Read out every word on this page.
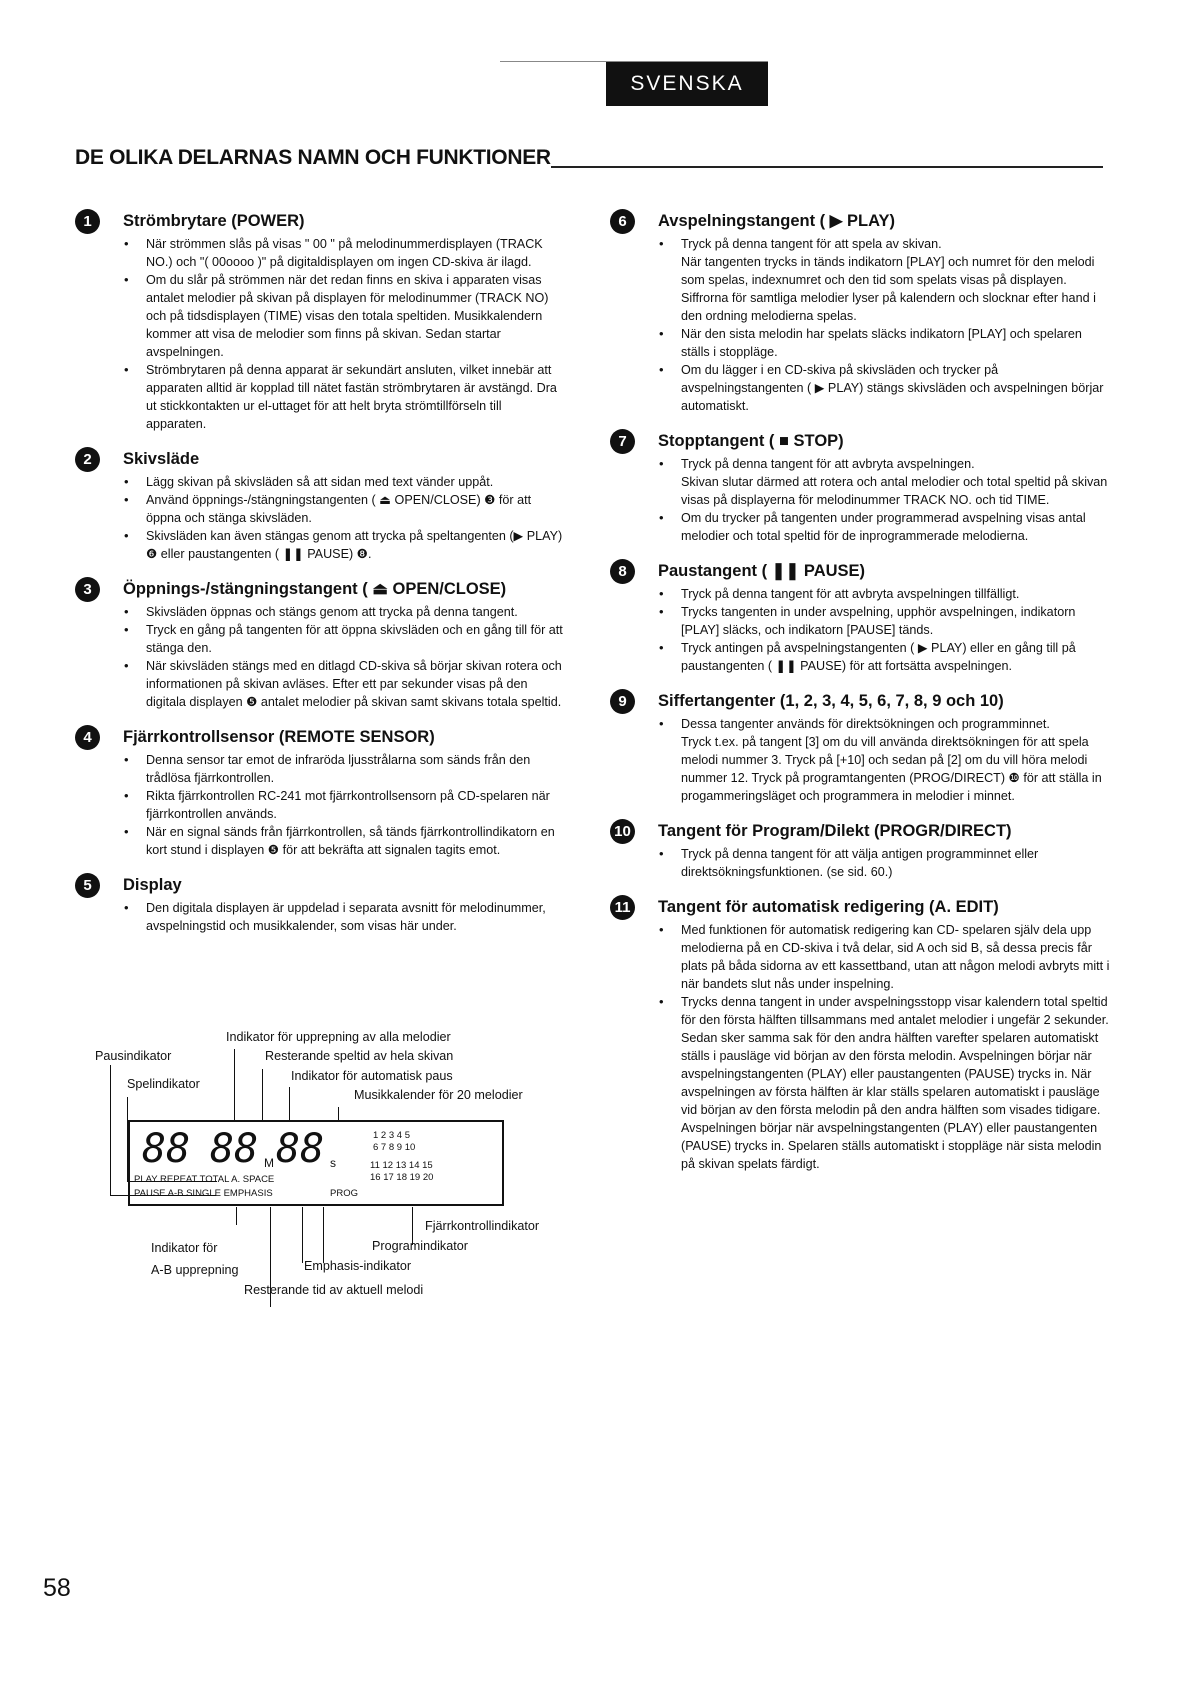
SVENSKA
DE OLIKA DELARNAS NAMN OCH FUNKTIONER
1	Strömbrytare (POWER)
• När strömmen slås på visas " 00 " på melodinummerdisplayen (TRACK NO.) och "( 00oooo )" på digitaldisplayen om ingen CD-skiva är ilagd.
• Om du slår på strömmen när det redan finns en skiva i apparaten visas antalet melodier på skivan på displayen för melodinummer (TRACK NO) och på tidsdisplayen (TIME) visas den totala speltiden. Musikkalendern kommer att visa de melodier som finns på skivan. Sedan startar avspelningen.
• Strömbrytaren på denna apparat är sekundärt ansluten, vilket innebär att apparaten alltid är kopplad till nätet fastän strömbrytaren är avstängd. Dra ut stickkontakten ur el-uttaget för att helt bryta strömtillförseln till apparaten.
2	Skivsläde
• Lägg skivan på skivsläden så att sidan med text vänder uppåt.
• Använd öppnings-/stängningstangenten ( ⏏ OPEN/CLOSE) ❸ för att öppna och stänga skivsläden.
• Skivsläden kan även stängas genom att trycka på speltangenten (▶ PLAY) ❻ eller paustangenten ( ❚❚ PAUSE) ❽.
3	Öppnings-/stängningstangent ( ⏏ OPEN/CLOSE)
• Skivsläden öppnas och stängs genom att trycka på denna tangent.
• Tryck en gång på tangenten för att öppna skivsläden och en gång till för att stänga den.
• När skivsläden stängs med en ditlagd CD-skiva så börjar skivan rotera och informationen på skivan avläses. Efter ett par sekunder visas på den digitala displayen ❺ antalet melodier på skivan samt skivans totala speltid.
4	Fjärrkontrollsensor (REMOTE SENSOR)
• Denna sensor tar emot de infraröda ljusstrålarna som sänds från den trådlösa fjärrkontrollen.
• Rikta fjärrkontrollen RC-241 mot fjärrkontrollsensorn på CD-spelaren när fjärrkontrollen används.
• När en signal sänds från fjärrkontrollen, så tänds fjärrkontrollindikatorn en kort stund i displayen ❺ för att bekräfta att signalen tagits emot.
5	Display
• Den digitala displayen är uppdelad i separata avsnitt för melodinummer, avspelningstid och musikkalender, som visas här under.
6	Avspelningstangent ( ▶ PLAY)
• Tryck på denna tangent för att spela av skivan.
När tangenten trycks in tänds indikatorn [PLAY] och numret för den melodi som spelas, indexnumret och den tid som spelats visas på displayen.
Siffrorna för samtliga melodier lyser på kalendern och slocknar efter hand i den ordning melodierna spelas.
• När den sista melodin har spelats släcks indikatorn [PLAY] och spelaren ställs i stoppläge.
• Om du lägger i en CD-skiva på skivsläden och trycker på avspelningstangenten ( ▶ PLAY) stängs skivsläden och avspelningen börjar automatiskt.
7	Stopptangent ( ■ STOP)
• Tryck på denna tangent för att avbryta avspelningen.
Skivan slutar därmed att rotera och antal melodier och total speltid på skivan visas på displayerna för melodinummer TRACK NO. och tid TIME.
• Om du trycker på tangenten under programmerad avspelning visas antal melodier och total speltid för de inprogrammerade melodierna.
8	Paustangent ( ❚❚ PAUSE)
• Tryck på denna tangent för att avbryta avspelningen tillfälligt.
• Trycks tangenten in under avspelning, upphör avspelningen, indikatorn [PLAY] släcks, och indikatorn [PAUSE] tänds.
• Tryck antingen på avspelningstangenten ( ▶ PLAY) eller en gång till på paustangenten ( ❚❚ PAUSE) för att fortsätta avspelningen.
9	Siffertangenter (1, 2, 3, 4, 5, 6, 7, 8, 9 och 10)
• Dessa tangenter används för direktsökningen och programminnet.
Tryck t.ex. på tangent [3] om du vill använda direktsökningen för att spela melodi nummer 3. Tryck på [+10] och sedan på [2] om du vill höra melodi nummer 12. Tryck på programtangenten (PROG/DIRECT) ❿ för att ställa in progammeringsläget och programmera in melodier i minnet.
10 Tangent för Program/Dilekt (PROGR/DIRECT)
• Tryck på denna tangent för att välja antigen programminnet eller direktsökningsfunktionen. (se sid. 60.)
11 Tangent för automatisk redigering (A. EDIT)
• Med funktionen för automatisk redigering kan CD- spelaren själv dela upp melodierna på en CD-skiva i två delar, sid A och sid B, så dessa precis får plats på båda sidorna av ett kassettband, utan att någon melodi avbryts mitt i när bandets slut nås under inspelning.
• Trycks denna tangent in under avspelningsstopp visar kalendern total speltid för den första hälften tillsammans med antalet melodier i ungefär 2 sekunder. Sedan sker samma sak för den andra hälften varefter spelaren automatiskt ställs i pausläge vid början av den första melodin. Avspelningen börjar när avspelningstangenten (PLAY) eller paustangenten (PAUSE) trycks in. När avspelningen av första hälften är klar ställs spelaren automatiskt i pausläge vid början av den första melodin på den andra hälften som visades tidigare. Avspelningen börjar när avspelningstangenten (PLAY) eller paustangenten (PAUSE) trycks in. Spelaren ställs automatiskt i stoppläge när sista melodin på skivan spelats färdigt.
Indikator för upprepning av alla melodier
Pausindikator	Resterande speltid av hela skivan
Indikator för automatisk paus
Spelindikator
Musikkalender för 20 melodier
88 88 M 88 s
1 2 3 4 5
6 7 8 9 10
11 12 13 14 15
16 17 18 19 20
PLAY REPEAT TOTAL A. SPACE
PAUSE A-B SINGLE EMPHASIS	PROG
Fjärrkontrollindikator
Programindikator
Indikator för
A-B upprepning	Emphasis-indikator
Resterande tid av aktuell melodi
58
